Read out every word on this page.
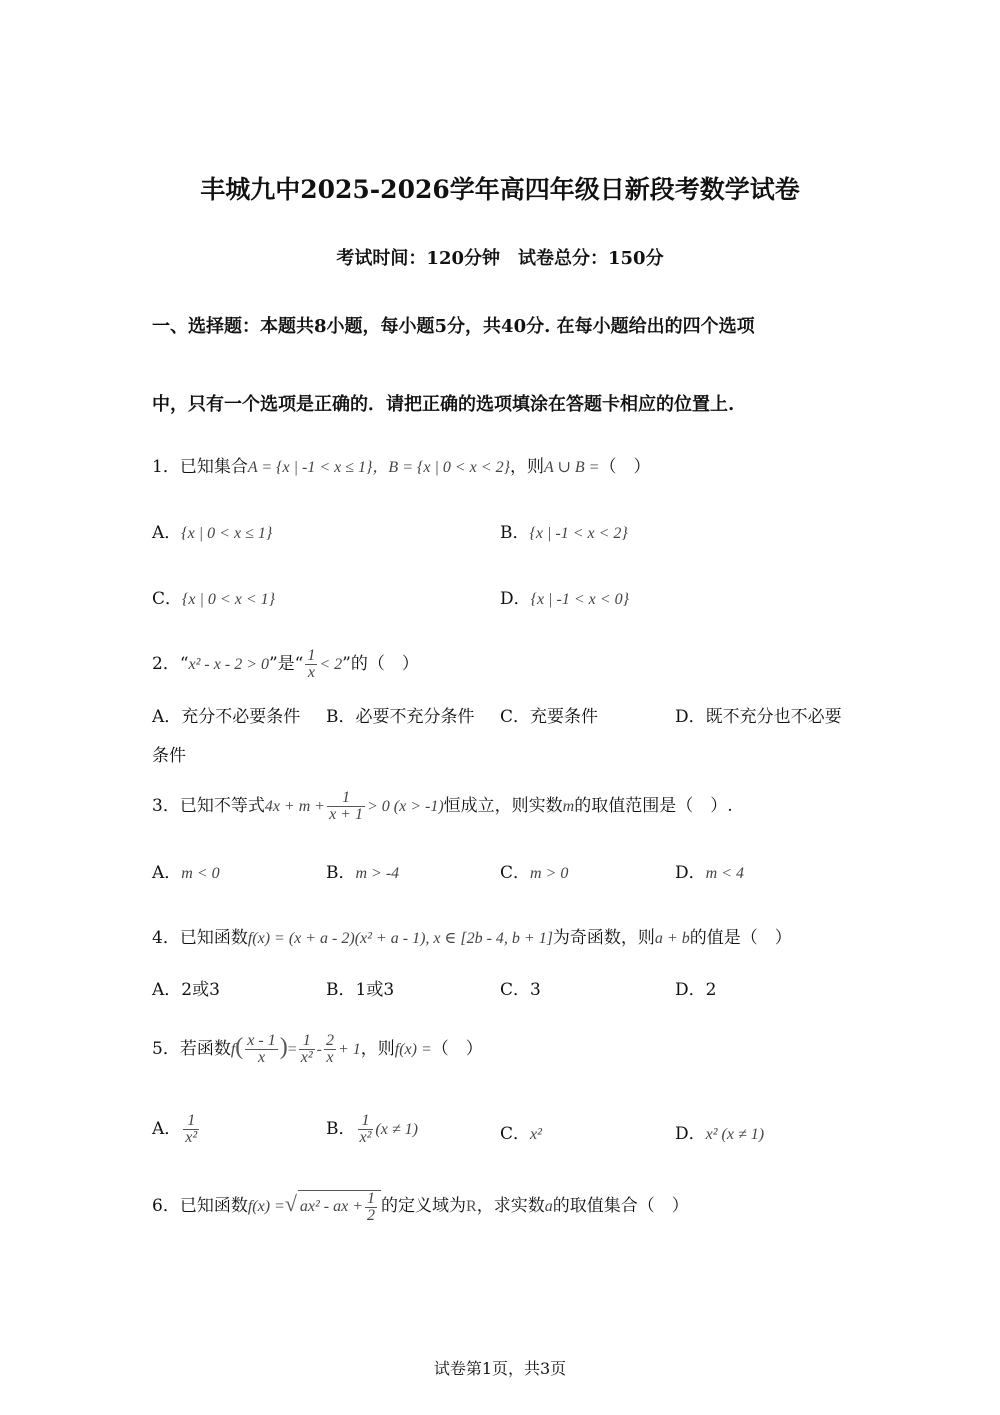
丰城九中2025-2026学年高四年级日新段考数学试卷
考试时间：120分钟　试卷总分：150分
一、选择题：本题共8小题，每小题5分，共40分. 在每小题给出的四个选项
中，只有一个选项是正确的．请把正确的选项填涂在答题卡相应的位置上.
1．已知集合A = {x | -1 < x ≤ 1}，B = {x | 0 < x < 2}，则A ∪ B =（　）
A．{x | 0 < x ≤ 1}	B．{x | -1 < x < 2}
C．{x | 0 < x < 1}	D．{x | -1 < x < 0}
2．“x² - x - 2 > 0”是“ $\frac{1}{x} < 2$”的（　）
A．充分不必要条件 B．必要不充分条件 C．充要条件	D．既不充分也不必要
条件
3．已知不等式$4x + m + \frac{1}{x + 1} > 0$ (x > -1)恒成立，则实数m的取值范围是（　）.
A．m < 0	B．m > -4	C．m > 0	D．m < 4
4．已知函数f(x) = (x + a - 2)(x² + a - 1), x ∈ [2b - 4, b + 1]为奇函数，则a + b的值是（　）
A．2或3	B．1或3	C．3	D．2
5．若函数$f( \frac{x - 1}{x}$ )= $\frac{1}{\text{x²}} - \frac{2}{x} + 1$，则f(x) =（　）
A． $\frac{1}{\text{x²}}$	B． $\frac{1}{\text{x²}} (x \ne 1)$	C．x²	D．x² (x ≠ 1)
6．已知函数f(x) =√ ax² - ax + $\frac{1}{2}$ 的定义域为R，求实数a的取值集合（　）
试卷第1页，共3页
